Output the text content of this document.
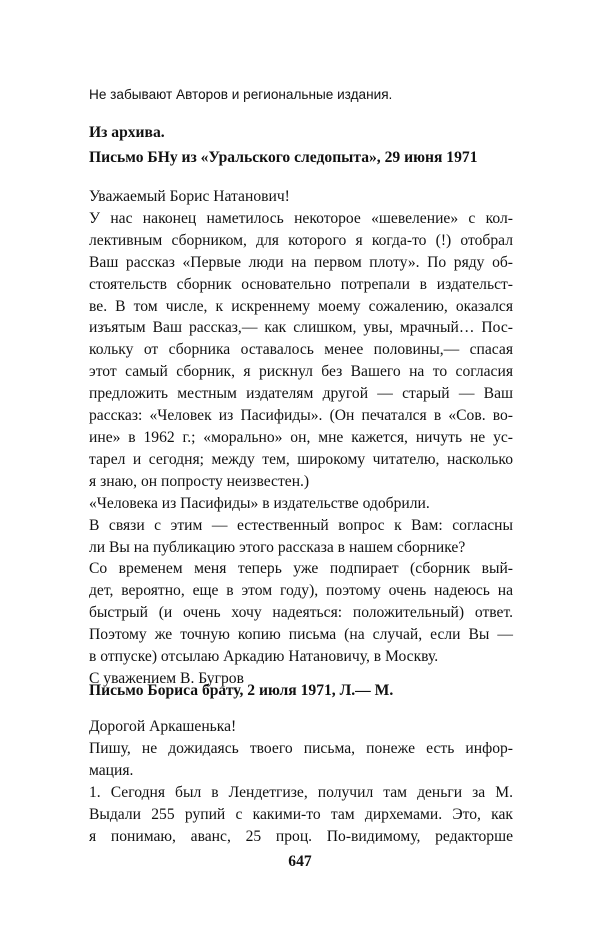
Не забывают Авторов и региональные издания.

Из архива.

Письмо БНу из «Уральского следопыта», 29 июня 1971

Уважаемый Борис Натанович!
У нас наконец наметилось некоторое «шевеление» с кол-
лективным сборником, для которого я когда-то (!) отобрал
Ваш рассказ «Первые люди на первом плоту». По ряду об-
стоятельств сборник основательно потрепали в издательст-
ве. В том числе, к искреннему моему сожалению, оказался
изъятым Ваш рассказ,— как слишком, увы, мрачный… Пос-
кольку от сборника оставалось менее половины,— спасая
этот самый сборник, я рискнул без Вашего на то согласия
предложить местным издателям другой — старый — Ваш
рассказ: «Человек из Пасифиды». (Он печатался в «Сов. во-
ине» в 1962 г.; «морально» он, мне кажется, ничуть не ус-
тарел и сегодня; между тем, широкому читателю, насколько
я знаю, он попросту неизвестен.)
«Человека из Пасифиды» в издательстве одобрили.
В связи с этим — естественный вопрос к Вам: согласны
ли Вы на публикацию этого рассказа в нашем сборнике?
Со временем меня теперь уже подпирает (сборник вый-
дет, вероятно, еще в этом году), поэтому очень надеюсь на
быстрый (и очень хочу надеяться: положительный) ответ.
Поэтому же точную копию письма (на случай, если Вы —
в отпуске) отсылаю Аркадию Натановичу, в Москву.
С уважением В. Бугров

Письмо Бориса брату, 2 июля 1971, Л.— М.

Дорогой Аркашенька!
Пишу, не дожидаясь твоего письма, понеже есть инфор-
мация.
1. Сегодня был в Лендетгизе, получил там деньги за М.
Выдали 255 рупий с какими-то там дирхемами. Это, как
я понимаю, аванс, 25 проц. По-видимому, редакторше
647
